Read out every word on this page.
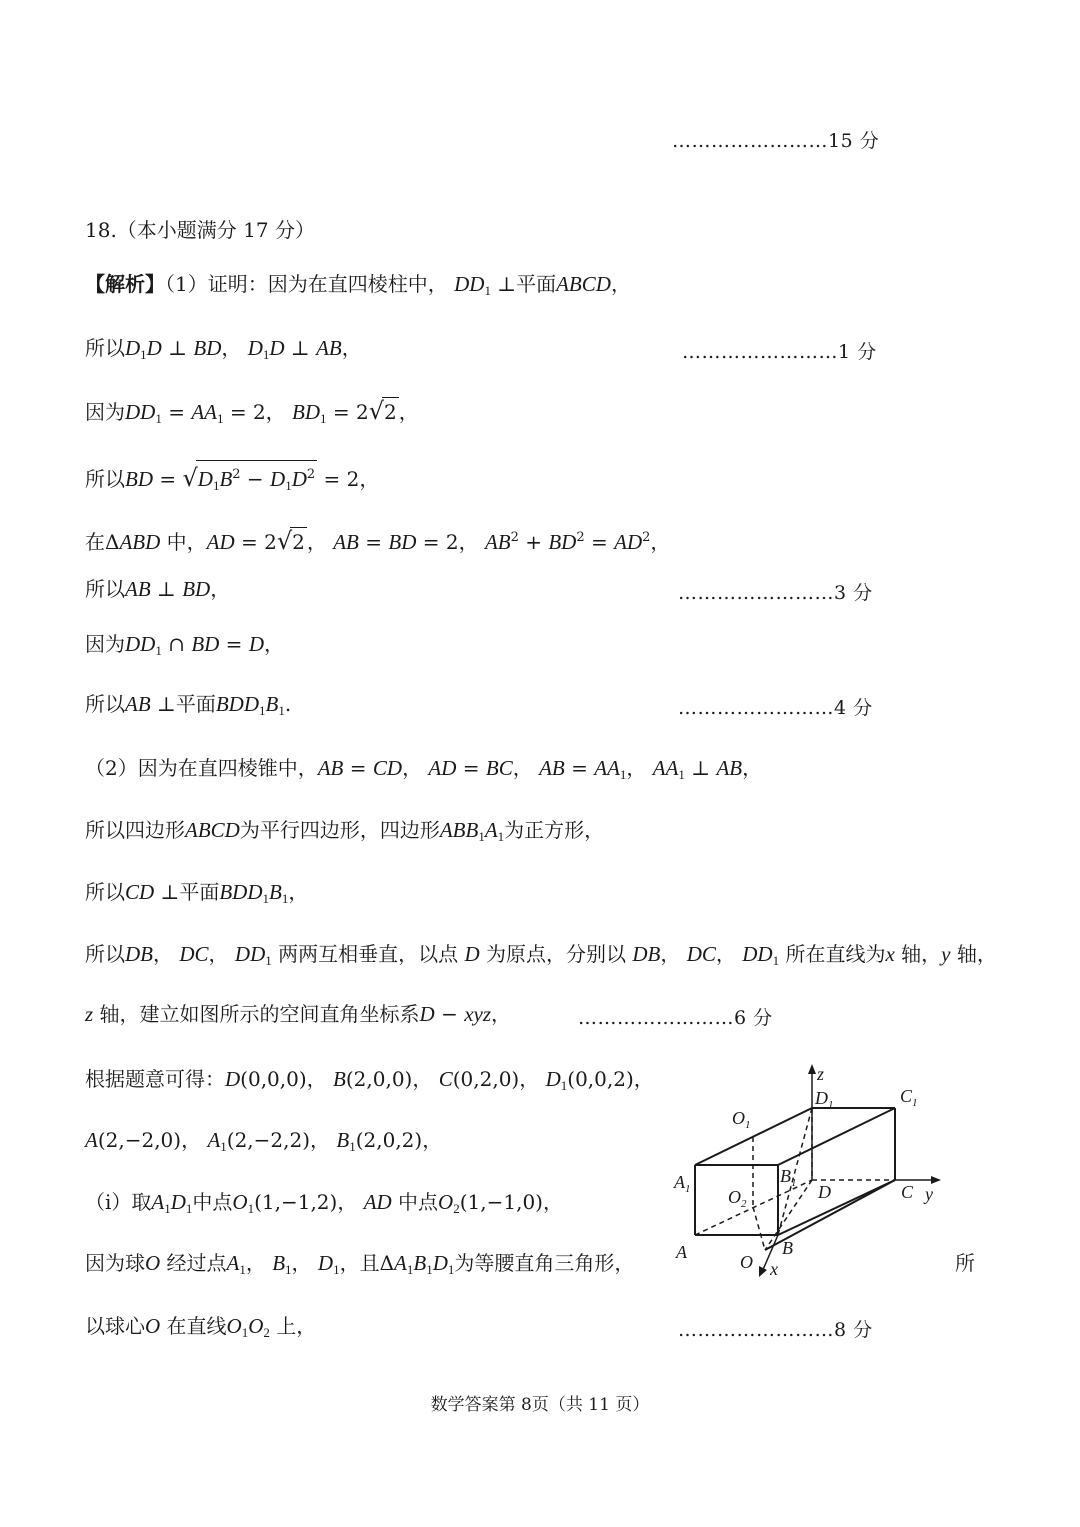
……………………15 分
18.（本小题满分 17 分）
【解析】（1）证明：因为在直四棱柱中， $DD_1$ ⊥平面ABCD，
所以$D_1D$ ⊥ BD， $D_1D$ ⊥ AB，	……………………1 分
因为$DD_1 = AA_1 = 2$， $BD_1 = 2√2$ ，
所以BD = $√D_1B^2 - D_1D^2 = 2$，
在ΔABD 中，AD = 2√2 ， AB = BD = 2， $AB^2 + BD^2 = AD^2$，
所以AB ⊥ BD，	……………………3 分
因为$DD_1$ ∩ BD = D，
所以AB ⊥平面$BDD_1B_1$.	……………………4 分
（2）因为在直四棱锥中，AB = CD， AD = BC， AB = $AA_1$， $AA_1$ ⊥ AB，
所以四边形ABCD为平行四边形，四边形$ABB_1A_1$为正方形，
所以CD ⊥平面$BDD_1B_1$，
所以DB， DC， $DD_1$ 两两互相垂直，以点 D 为原点，分别以 DB， DC， $DD_1$ 所在直线为x 轴，y 轴，
z 轴，建立如图所示的空间直角坐标系D − xyz，	……………………6 分
根据题意可得：D(0,0,0)， B(2,0,0)， C(0,2,0)， $D_1(0,0,2)$，
A(2,−2,0)， $A_1(2,-2,2)$， $B_1(2,0,2)$，
（i）取$A_1D_1$中点$O_1(1,-1,2)$， AD 中点$O_2(1,-1,0)$，
因为球O 经过点$A_1$， $B_1$， $D_1$，且$\Delta A_1B_1D_1$为等腰直角三角形，	所
以球心O 在直线$O_1O_2$ 上，	……………………8 分
z
$D_1$	$C_1$
$O_1$
$A_1$
$B_1$
$O_2$
D	C y
A	O
B
x
数学答案第 8页（共 11 页）
